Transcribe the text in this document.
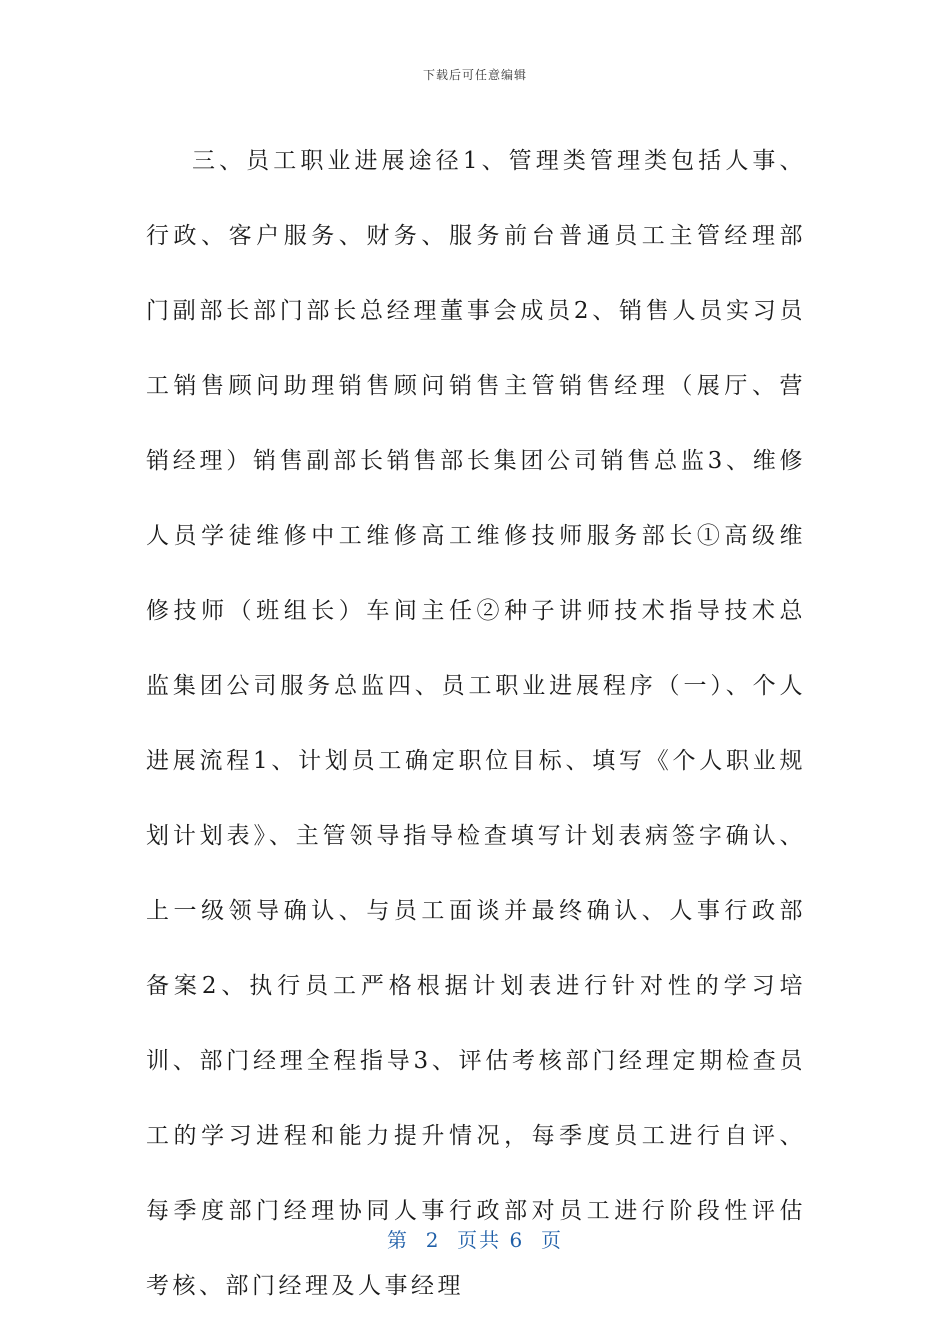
下载后可任意编辑

三、员工职业进展途径1、管理类管理类包括人事、行政、客户服务、财务、服务前台普通员工主管经理部门副部长部门部长总经理董事会成员2、销售人员实习员工销售顾问助理销售顾问销售主管销售经理（展厅、营销经理）销售副部长销售部长集团公司销售总监3、维修人员学徒维修中工维修高工维修技师服务部长①高级维修技师（班组长）车间主任②种子讲师技术指导技术总监集团公司服务总监四、员工职业进展程序（一）、个人进展流程1、计划员工确定职位目标、填写《个人职业规划计划表》、主管领导指导检查填写计划表病签字确认、上一级领导确认、与员工面谈并最终确认、人事行政部备案2、执行员工严格根据计划表进行针对性的学习培训、部门经理全程指导3、评估考核部门经理定期检查员工的学习进程和能力提升情况，每季度员工进行自评、每季度部门经理协同人事行政部对员工进行阶段性评估考核、部门经理及人事经理

第  2  页共 6  页
